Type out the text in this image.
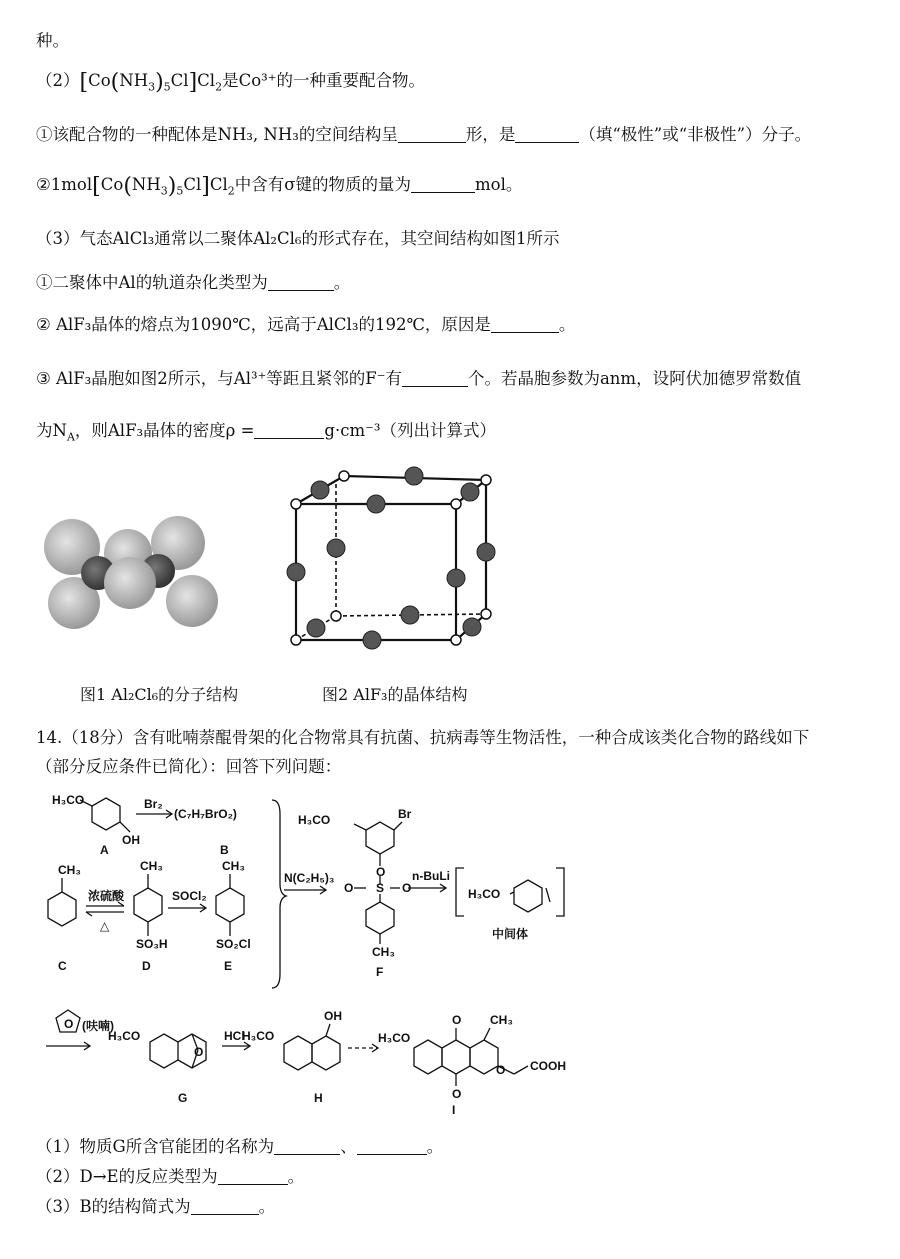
种。
$(2)[Co(NH_3)_5Cl]Cl_2$是Co³⁺的一种重要配合物。
①该配合物的一种配体是NH₃, NH₃的空间结构呈	形，是	（填“极性”或“非极性”）分子。
$②1mol[Co(NH_3)_5Cl]Cl_2$中含有σ键的物质的量为	mol。
（3）气态AlCl₃通常以二聚体Al₂Cl₆的形式存在，其空间结构如图1所示
①二聚体中Al的轨道杂化类型为	。
② AlF₃晶体的熔点为1090℃，远高于AlCl₃的192℃，原因是	。
③ AlF₃晶胞如图2所示，与Al³⁺等距且紧邻的F⁻有	个。若晶胞参数为anm，设阿伏加德罗常数值
为$N_A$，则AlF₃晶体的密度ρ =	g·cm⁻³（列出计算式）
图1 Al₂Cl₆的分子结构	图2 AlF₃的晶体结构
14.（18分）含有吡喃萘醌骨架的化合物常具有抗菌、抗病毒等生物活性，一种合成该类化合物的路线如下
（部分反应条件已简化）：回答下列问题：
H₃CO
OH
A
Br₂
(C₇H₇BrO₂)
B
CH₃
浓硫酸
△
C
CH₃
SO₃H
D
SOCl₂
CH₃
SO₂Cl
E
N(C₂H₅)₃
H₃CO	Br
O
S
O	O
CH₃
F
n-BuLi
H₃CO
中间体
(呋喃)
O
H₃CO
O
G
HCl
H₃CO
OH
H
H₃CO
O
O
CH₃
O COOH
I
（1）物质G所含官能团的名称为	、	。
（2）D→E的反应类型为	。
（3）B的结构简式为	。
